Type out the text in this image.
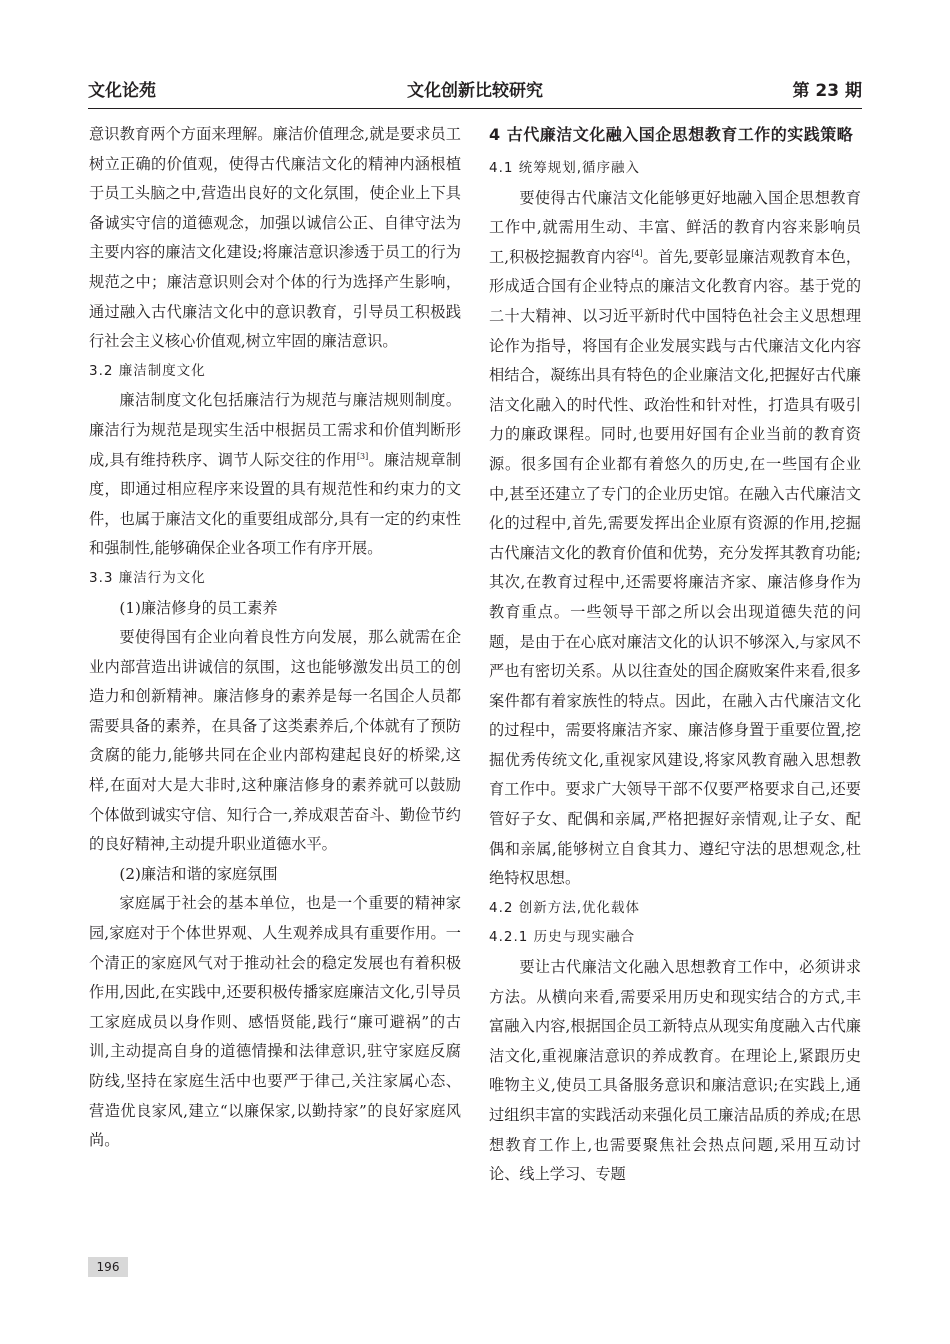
文化论苑	文化创新比较研究	第 23 期

意识教育两个方面来理解。廉洁价值理念,就是要求员工树立正确的价值观，使得古代廉洁文化的精神内涵根植于员工头脑之中,营造出良好的文化氛围，使企业上下具备诚实守信的道德观念，加强以诚信公正、自律守法为主要内容的廉洁文化建设;将廉洁意识渗透于员工的行为规范之中；廉洁意识则会对个体的行为选择产生影响，通过融入古代廉洁文化中的意识教育，引导员工积极践行社会主义核心价值观,树立牢固的廉洁意识。

3.2 廉洁制度文化

廉洁制度文化包括廉洁行为规范与廉洁规则制度。廉洁行为规范是现实生活中根据员工需求和价值判断形成,具有维持秩序、调节人际交往的作用[3]。廉洁规章制度，即通过相应程序来设置的具有规范性和约束力的文件，也属于廉洁文化的重要组成部分,具有一定的约束性和强制性,能够确保企业各项工作有序开展。

3.3 廉洁行为文化

(1)廉洁修身的员工素养

要使得国有企业向着良性方向发展，那么就需在企业内部营造出讲诚信的氛围，这也能够激发出员工的创造力和创新精神。廉洁修身的素养是每一名国企人员都需要具备的素养，在具备了这类素养后,个体就有了预防贪腐的能力,能够共同在企业内部构建起良好的桥梁,这样,在面对大是大非时,这种廉洁修身的素养就可以鼓励个体做到诚实守信、知行合一,养成艰苦奋斗、勤俭节约的良好精神,主动提升职业道德水平。

(2)廉洁和谐的家庭氛围

家庭属于社会的基本单位，也是一个重要的精神家园,家庭对于个体世界观、人生观养成具有重要作用。一个清正的家庭风气对于推动社会的稳定发展也有着积极作用,因此,在实践中,还要积极传播家庭廉洁文化,引导员工家庭成员以身作则、感悟贤能,践行“廉可避祸”的古训,主动提高自身的道德情操和法律意识,驻守家庭反腐防线,坚持在家庭生活中也要严于律己,关注家属心态、营造优良家风,建立“以廉保家,以勤持家”的良好家庭风尚。

4 古代廉洁文化融入国企思想教育工作的实践策略
4.1 统筹规划,循序融入

要使得古代廉洁文化能够更好地融入国企思想教育工作中,就需用生动、丰富、鲜活的教育内容来影响员工,积极挖掘教育内容[4]。首先,要彰显廉洁观教育本色，形成适合国有企业特点的廉洁文化教育内容。基于党的二十大精神、以习近平新时代中国特色社会主义思想理论作为指导，将国有企业发展实践与古代廉洁文化内容相结合，凝练出具有特色的企业廉洁文化,把握好古代廉洁文化融入的时代性、政治性和针对性，打造具有吸引力的廉政课程。同时,也要用好国有企业当前的教育资源。很多国有企业都有着悠久的历史,在一些国有企业中,甚至还建立了专门的企业历史馆。在融入古代廉洁文化的过程中,首先,需要发挥出企业原有资源的作用,挖掘古代廉洁文化的教育价值和优势，充分发挥其教育功能;其次,在教育过程中,还需要将廉洁齐家、廉洁修身作为教育重点。一些领导干部之所以会出现道德失范的问题，是由于在心底对廉洁文化的认识不够深入,与家风不严也有密切关系。从以往查处的国企腐败案件来看,很多案件都有着家族性的特点。因此，在融入古代廉洁文化的过程中，需要将廉洁齐家、廉洁修身置于重要位置,挖掘优秀传统文化,重视家风建设,将家风教育融入思想教育工作中。要求广大领导干部不仅要严格要求自己,还要管好子女、配偶和亲属,严格把握好亲情观,让子女、配偶和亲属,能够树立自食其力、遵纪守法的思想观念,杜绝特权思想。

4.2 创新方法,优化载体
4.2.1 历史与现实融合

要让古代廉洁文化融入思想教育工作中，必须讲求方法。从横向来看,需要采用历史和现实结合的方式,丰富融入内容,根据国企员工新特点从现实角度融入古代廉洁文化,重视廉洁意识的养成教育。在理论上,紧跟历史唯物主义,使员工具备服务意识和廉洁意识;在实践上,通过组织丰富的实践活动来强化员工廉洁品质的养成;在思想教育工作上,也需要聚焦社会热点问题,采用互动讨论、线上学习、专题

196
